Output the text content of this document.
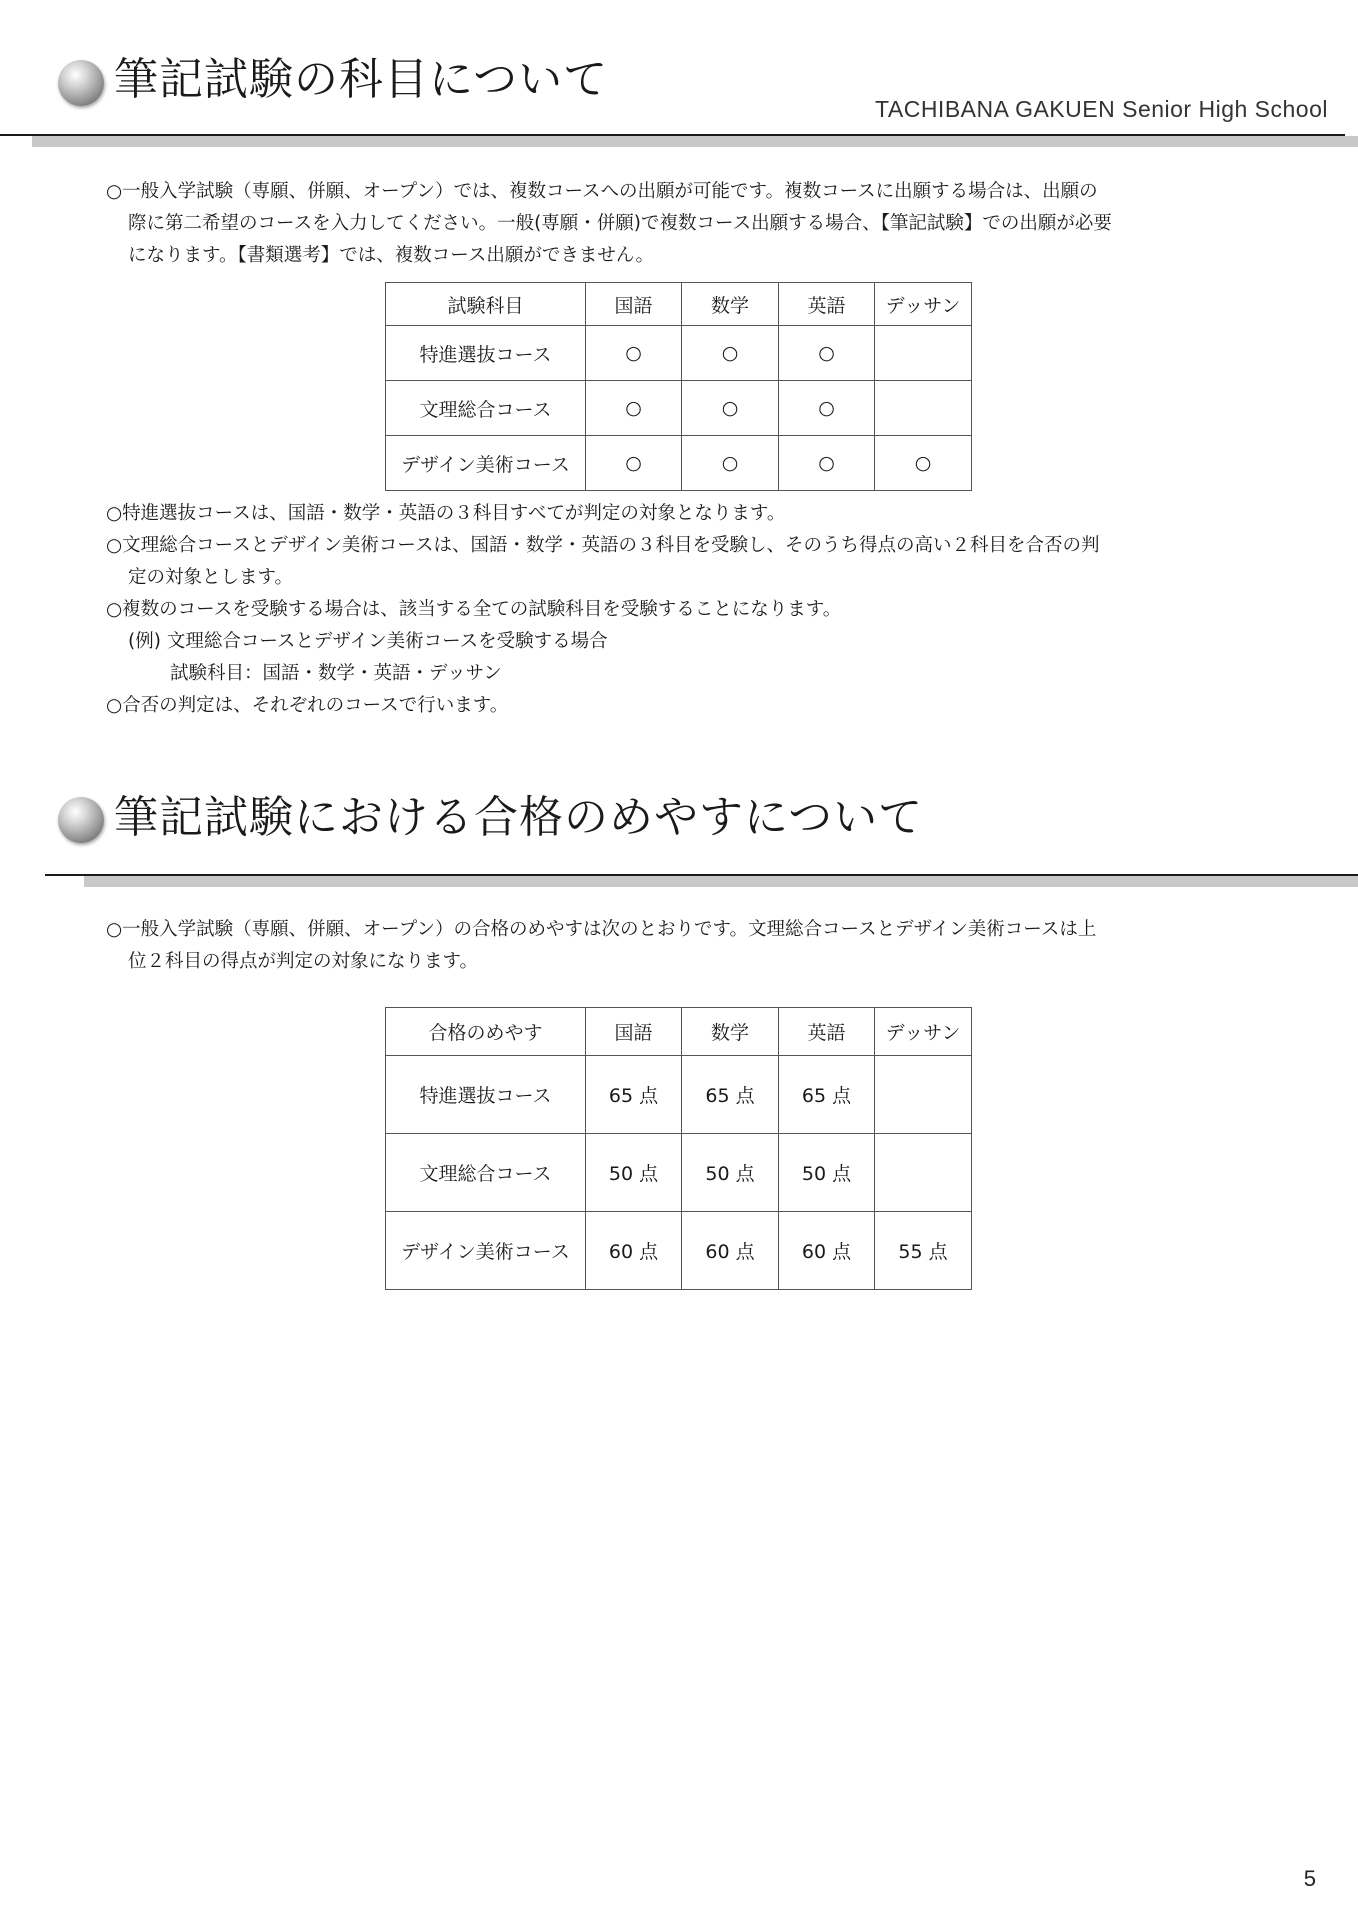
筆記試験の科目について
TACHIBANA GAKUEN Senior High School

○一般入学試験（専願、併願、オープン）では、複数コースへの出願が可能です。複数コースに出願する場合は、出願の

際に第二希望のコースを入力してください。一般(専願・併願)で複数コース出願する場合、【筆記試験】での出願が必要

になります。【書類選考】では、複数コース出願ができません。

試験科目	国語	数学	英語	デッサン
特進選抜コース	○	○	○	
文理総合コース	○	○	○	
デザイン美術コース	○	○	○	○

○特進選抜コースは、国語・数学・英語の３科目すべてが判定の対象となります。

○文理総合コースとデザイン美術コースは、国語・数学・英語の３科目を受験し、そのうち得点の高い２科目を合否の判

定の対象とします。

○複数のコースを受験する場合は、該当する全ての試験科目を受験することになります。

(例) 文理総合コースとデザイン美術コースを受験する場合

試験科目：国語・数学・英語・デッサン

○合否の判定は、それぞれのコースで行います。

筆記試験における合格のめやすについて

○一般入学試験（専願、併願、オープン）の合格のめやすは次のとおりです。文理総合コースとデザイン美術コースは上

位２科目の得点が判定の対象になります。

合格のめやす	国語	数学	英語	デッサン
特進選抜コース	65 点	65 点	65 点	
文理総合コース	50 点	50 点	50 点	
デザイン美術コース	60 点	60 点	60 点	55 点
5
